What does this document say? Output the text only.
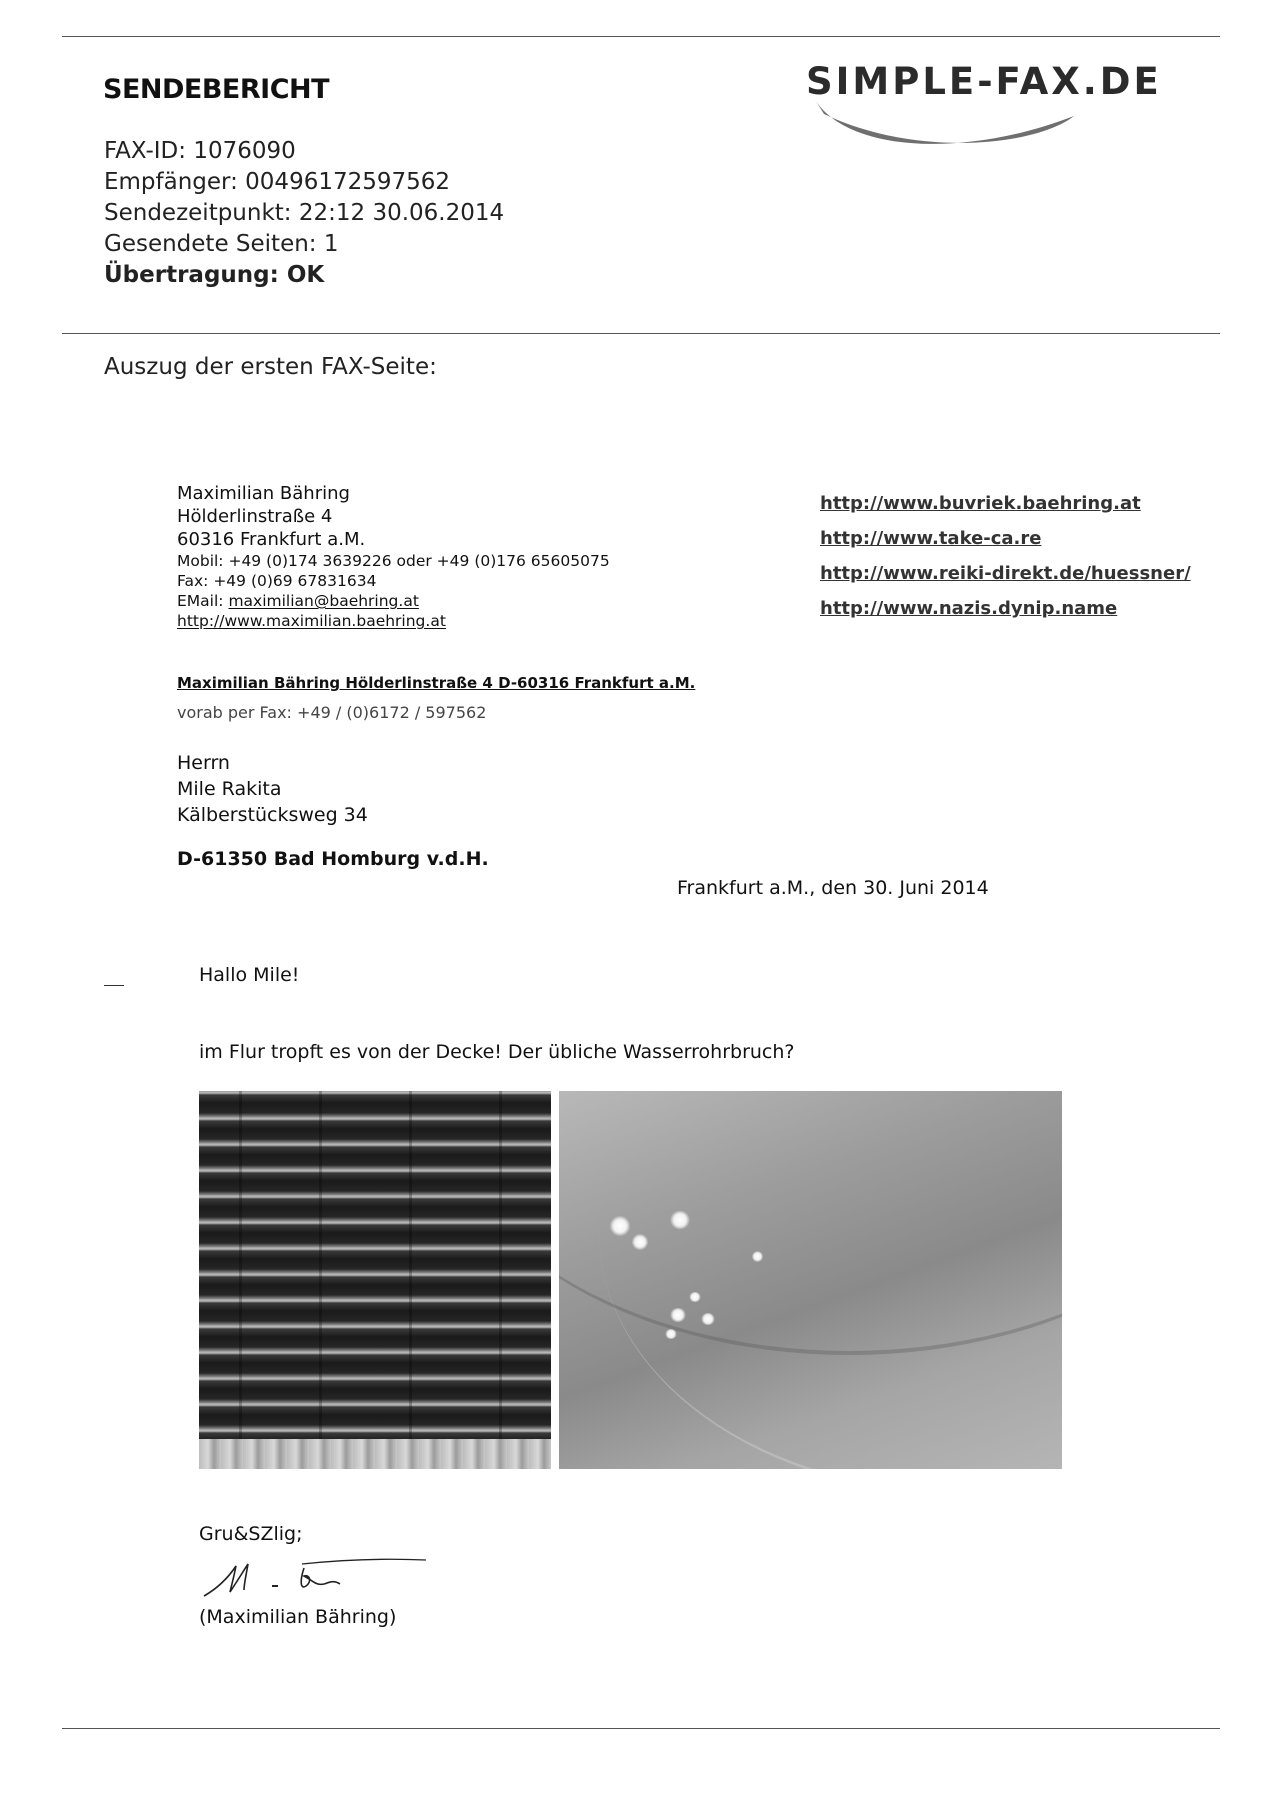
SENDEBERICHT	SIMPLE-FAX.DE
FAX-ID: 1076090
Empfänger: 00496172597562
Sendezeitpunkt: 22:12 30.06.2014
Gesendete Seiten: 1
Übertragung: OK
Auszug der ersten FAX-Seite:
Maximilian Bähring
Hölderlinstraße 4
60316 Frankfurt a.M.
Mobil: +49 (0)174 3639226 oder +49 (0)176 65605075
Fax: +49 (0)69 67831634
EMail: maximilian@baehring.at
http://www.maximilian.baehring.at
http://www.buvriek.baehring.at
http://www.take-ca.re
http://www.reiki-direkt.de/huessner/
http://www.nazis.dynip.name
Maximilian Bähring Hölderlinstraße 4 D-60316 Frankfurt a.M.
vorab per Fax: +49 / (0)6172 / 597562
Herrn
Mile Rakita
Kälberstücksweg 34
D-61350 Bad Homburg v.d.H.
Frankfurt a.M., den 30. Juni 2014
Hallo Mile!
im Flur tropft es von der Decke! Der übliche Wasserrohrbruch?
Gru&SZlig;
(Maximilian Bähring)
